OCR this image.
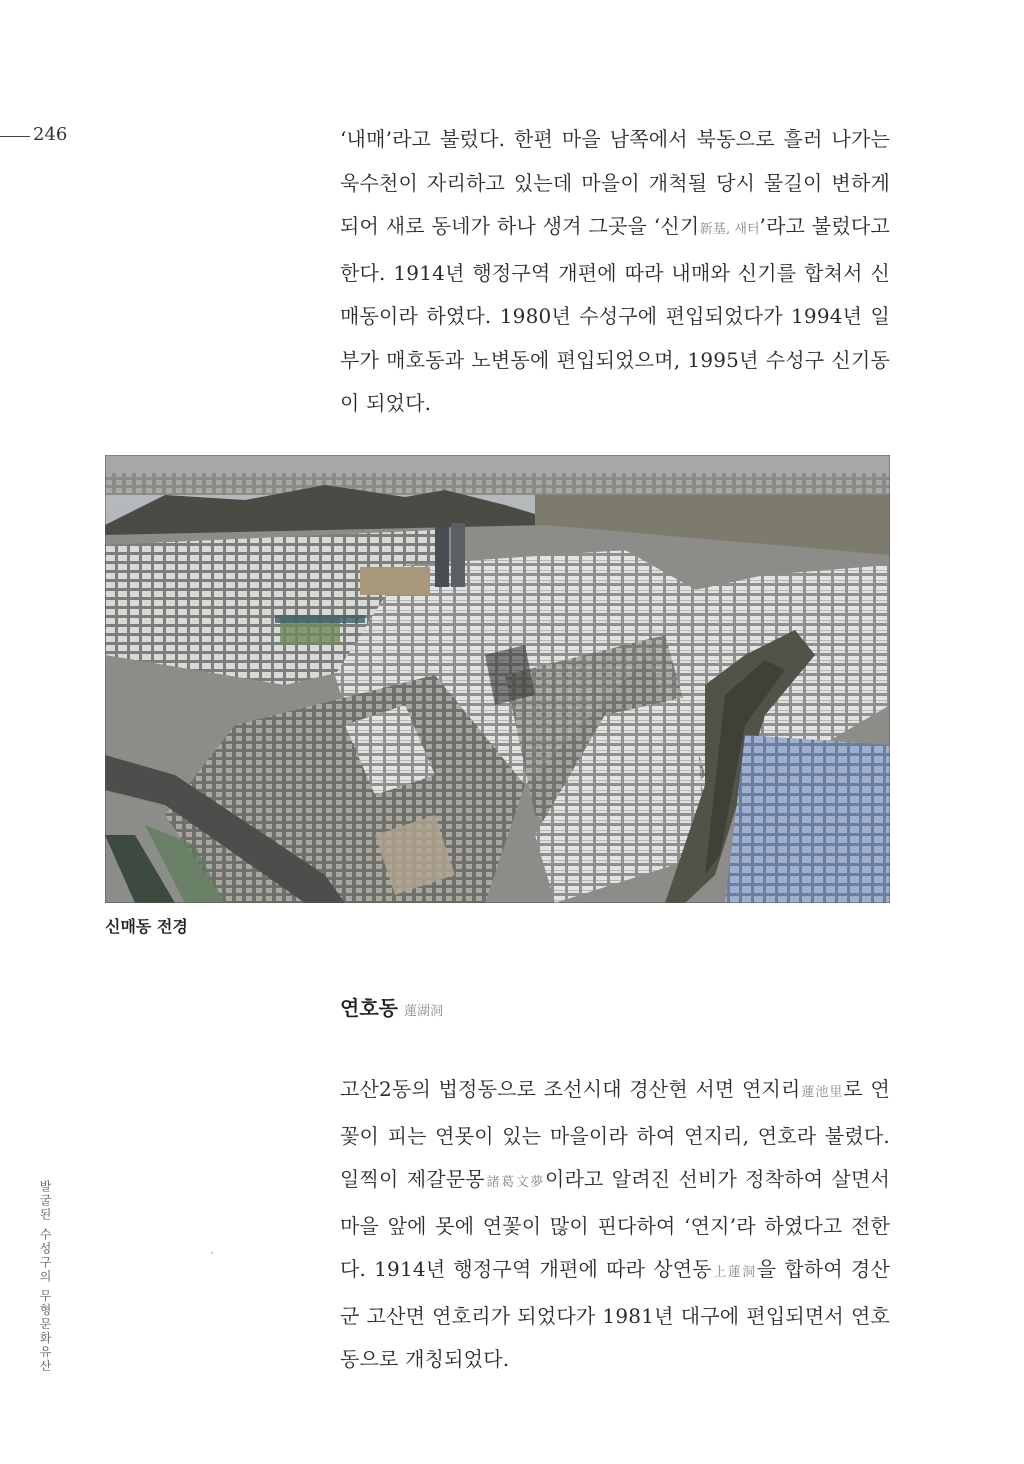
246	‘내매’라고 불렀다. 한편 마을 남쪽에서 북동으로 흘러 나가는 욱수천이 자리하고 있는데 마을이 개척될 당시 물길이 변하게 되어 새로 동네가 하나 생겨 그곳을 ‘신기新基, 새터’라고 불렀다고 한다. 1914년 행정구역 개편에 따라 내매와 신기를 합쳐서 신매동이라 하였다. 1980년 수성구에 편입되었다가 1994년 일부가 매호동과 노변동에 편입되었으며, 1995년 수성구 신기동이 되었다.

신매동 전경
연호동 蓮湖洞

고산2동의 법정동으로 조선시대 경산현 서면 연지리蓮池里로 연꽃이 피는 연못이 있는 마을이라 하여 연지리, 연호라 불렸다. 일찍이 제갈문몽諸葛文夢이라고 알려진 선비가 정착하여 살면서 마을 앞에 못에 연꽃이 많이 핀다하여 ‘연지’라 하였다고 전한다. 1914년 행정구역 개편에 따라 상연동上蓮洞을 합하여 경산군 고산면 연호리가 되었다가 1981년 대구에 편입되면서 연호동으로 개칭되었다.

발굴된 수성구의 무형문화유산
